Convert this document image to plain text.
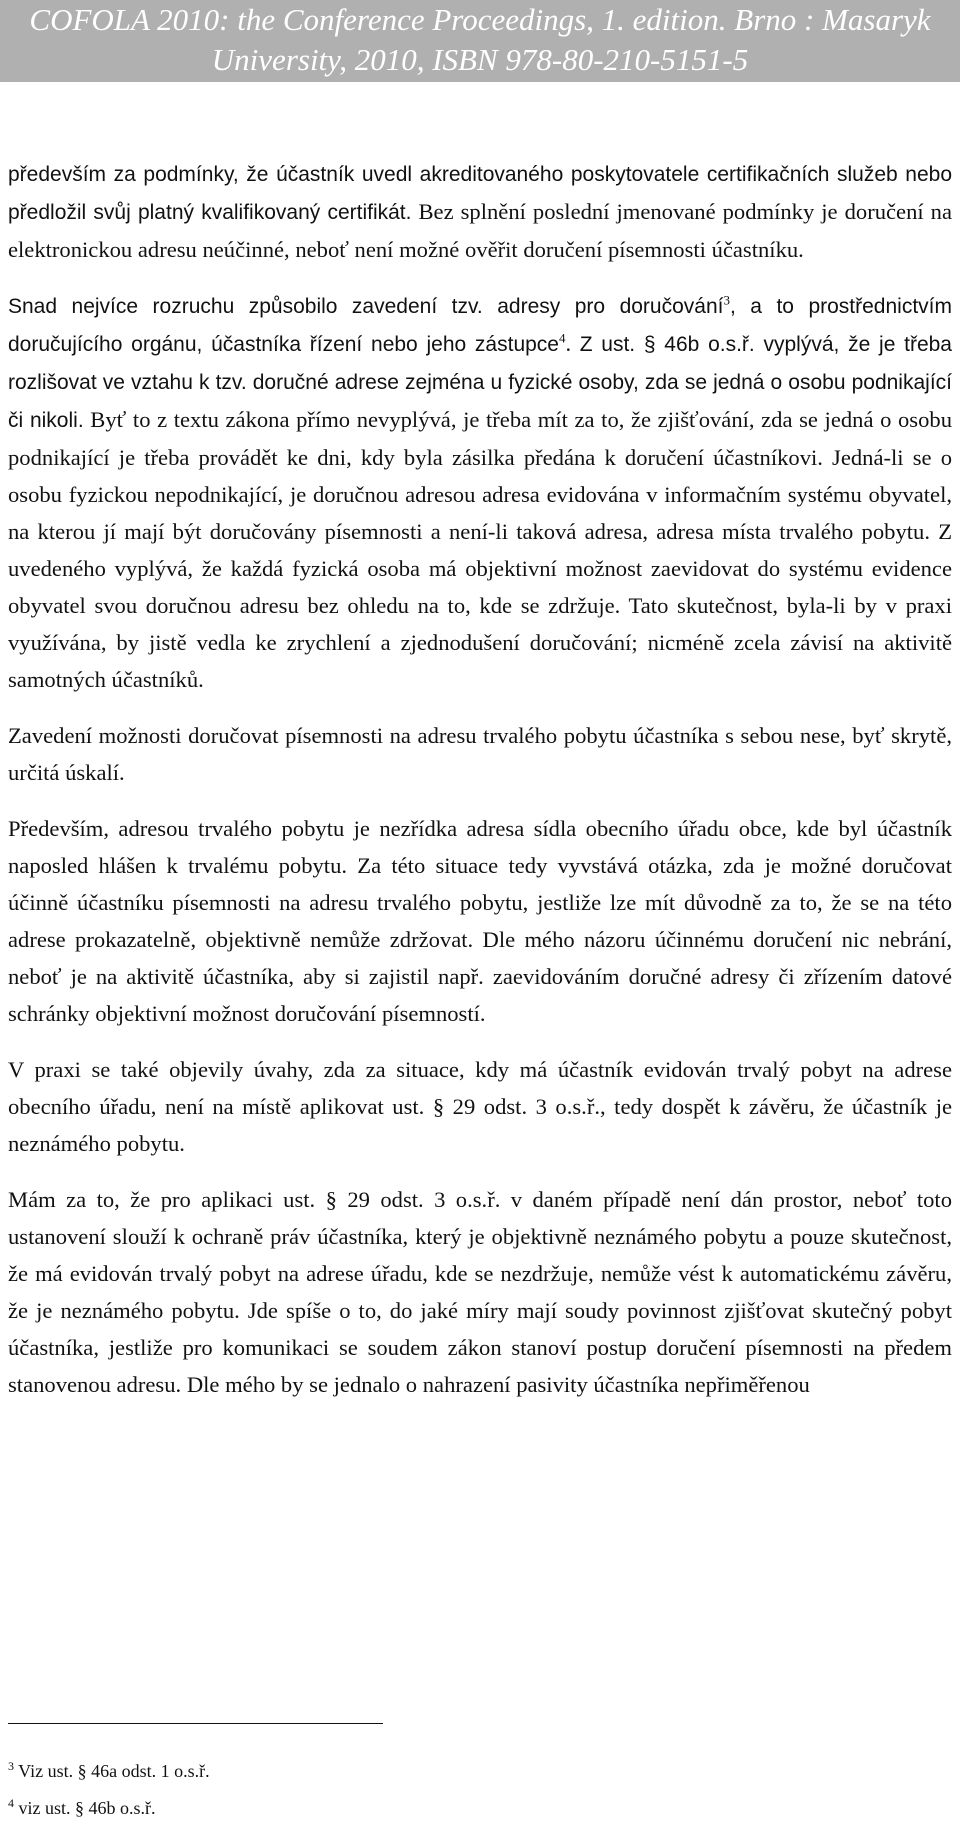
COFOLA 2010: the Conference Proceedings, 1. edition. Brno : Masaryk
University, 2010, ISBN 978-80-210-5151-5

především za podmínky, že účastník uvedl akreditovaného poskytovatele certifikačních služeb nebo předložil svůj platný kvalifikovaný certifikát. Bez splnění poslední jmenované podmínky je doručení na elektronickou adresu neúčinné, neboť není možné ověřit doručení písemnosti účastníku.

Snad nejvíce rozruchu způsobilo zavedení tzv. adresy pro doručování$^3$, a to prostřednictvím doručujícího orgánu, účastníka řízení nebo jeho zástupce$^4$. Z ust. § 46b o.s.ř. vyplývá, že je třeba rozlišovat ve vztahu k tzv. doručné adrese zejména u fyzické osoby, zda se jedná o osobu podnikající či nikoli. Byť to z textu zákona přímo nevyplývá, je třeba mít za to, že zjišťování, zda se jedná o osobu podnikající je třeba provádět ke dni, kdy byla zásilka předána k doručení účastníkovi. Jedná-li se o osobu fyzickou nepodnikající, je doručnou adresou adresa evidována v informačním systému obyvatel, na kterou jí mají být doručovány písemnosti a není-li taková adresa, adresa místa trvalého pobytu. Z uvedeného vyplývá, že každá fyzická osoba má objektivní možnost zaevidovat do systému evidence obyvatel svou doručnou adresu bez ohledu na to, kde se zdržuje. Tato skutečnost, byla-li by v praxi využívána, by jistě vedla ke zrychlení a zjednodušení doručování; nicméně zcela závisí na aktivitě samotných účastníků.

Zavedení možnosti doručovat písemnosti na adresu trvalého pobytu účastníka s sebou nese, byť skrytě, určitá úskalí.

Především, adresou trvalého pobytu je nezřídka adresa sídla obecního úřadu obce, kde byl účastník naposled hlášen k trvalému pobytu. Za této situace tedy vyvstává otázka, zda je možné doručovat účinně účastníku písemnosti na adresu trvalého pobytu, jestliže lze mít důvodně za to, že se na této adrese prokazatelně, objektivně nemůže zdržovat. Dle mého názoru účinnému doručení nic nebrání, neboť je na aktivitě účastníka, aby si zajistil např. zaevidováním doručné adresy či zřízením datové schránky objektivní možnost doručování písemností.

V praxi se také objevily úvahy, zda za situace, kdy má účastník evidován trvalý pobyt na adrese obecního úřadu, není na místě aplikovat ust. § 29 odst. 3 o.s.ř., tedy dospět k závěru, že účastník je neznámého pobytu.

Mám za to, že pro aplikaci ust. § 29 odst. 3 o.s.ř. v daném případě není dán prostor, neboť toto ustanovení slouží k ochraně práv účastníka, který je objektivně neznámého pobytu a pouze skutečnost, že má evidován trvalý pobyt na adrese úřadu, kde se nezdržuje, nemůže vést k automatickému závěru, že je neznámého pobytu. Jde spíše o to, do jaké míry mají soudy povinnost zjišťovat skutečný pobyt účastníka, jestliže pro komunikaci se soudem zákon stanoví postup doručení písemnosti na předem stanovenou adresu. Dle mého by se jednalo o nahrazení pasivity účastníka nepřiměřenou

$^3$ Viz ust. § 46a odst. 1 o.s.ř.
$^4$ viz ust. § 46b o.s.ř.
